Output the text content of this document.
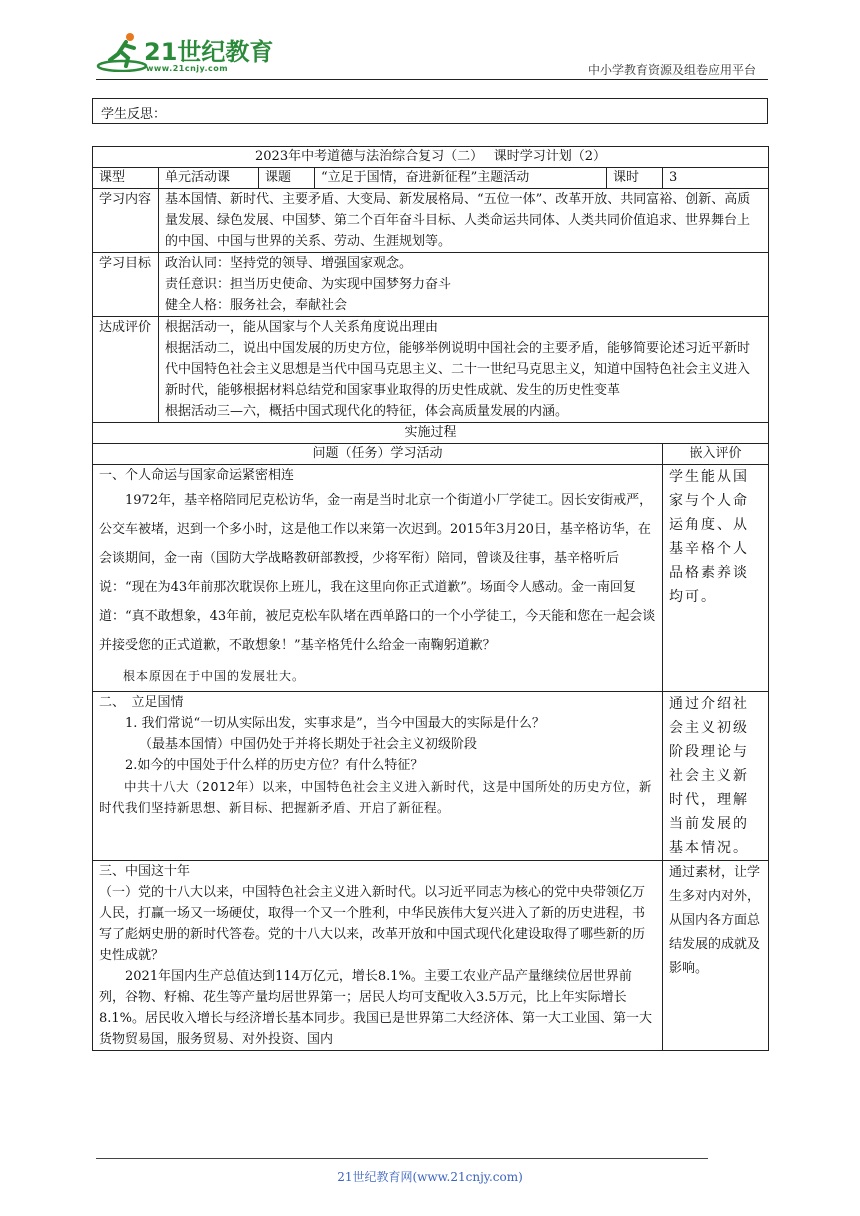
21世纪教育
www.21cnjy.com	中小学教育资源及组卷应用平台
学生反思：
2023年中考道德与法治综合复习（二）　 课时学习计划（2）					
课型	单元活动课	课题	“立足于国情，奋进新征程”主题活动	课时	3
学习内容	基本国情、新时代、主要矛盾、大变局、新发展格局、“五位一体”、改革开放、共同富裕、创新、高质量发展、绿色发展、中国梦、第二个百年奋斗目标、人类命运共同体、人类共同价值追求、世界舞台上的中国、中国与世界的关系、劳动、生涯规划等。				
学习目标	政治认同：坚持党的领导、增强国家观念。
责任意识：担当历史使命、为实现中国梦努力奋斗
健全人格：服务社会，奉献社会				

达成评价	根据活动一，能从国家与个人关系角度说出理由
根据活动二，说出中国发展的历史方位，能够举例说明中国社会的主要矛盾，能够简要论述习近平新时代中国特色社会主义思想是当代中国马克思主义、二十一世纪马克思主义，知道中国特色社会主义进入新时代，能够根据材料总结党和国家事业取得的历史性成就、发生的历史性变革
根据活动三—六，概括中国式现代化的特征，体会高质量发展的内涵。				

实施过程					
问题（任务）学习活动					嵌入评价

一、个人命运与国家命运紧密相连

1972年，基辛格陪同尼克松访华，金一南是当时北京一个街道小厂学徒工。因长安街戒严，公交车被堵，迟到一个多小时，这是他工作以来第一次迟到。2015年3月20日，基辛格访华，在会谈期间，金一南（国防大学战略教研部教授，少将军衔）陪同，曾谈及往事，基辛格听后说：“现在为43年前那次耽误你上班儿，我在这里向你正式道歉”。场面令人感动。金一南回复道：“真不敢想象，43年前，被尼克松车队堵在西单路口的一个小学徒工，今天能和您在一起会谈并接受您的正式道歉，不敢想象！”基辛格凭什么给金一南鞠躬道歉？

根本原因在于中国的发展壮大。					学生能从国家与个人命运角度、从基辛格个人品格素养谈均可。

二、　立足国情
1. 我们常说“一切从实际出发，实事求是”，当今中国最大的实际是什么？
（最基本国情）中国仍处于并将长期处于社会主义初级阶段
2.如今的中国处于什么样的历史方位？有什么特征？
中共十八大（2012年）以来，中国特色社会主义进入新时代，这是中国所处的历史方位，新时代我们坚持新思想、新目标、把握新矛盾、开启了新征程。					通过介绍社会主义初级阶段理论与社会主义新时代，理解当前发展的基本情况。

三、中国这十年

（一）党的十八大以来，中国特色社会主义进入新时代。以习近平同志为核心的党中央带领亿万人民，打赢一场又一场硬仗，取得一个又一个胜利，中华民族伟大复兴进入了新的历史进程，书写了彪炳史册的新时代答卷。党的十八大以来，改革开放和中国式现代化建设取得了哪些新的历史性成就？

2021年国内生产总值达到114万亿元，增长8.1%。主要工农业产品产量继续位居世界前列，谷物、籽棉、花生等产量均居世界第一；居民人均可支配收入3.5万元，比上年实际增长8.1%。居民收入增长与经济增长基本同步。我国已是世界第二大经济体、第一大工业国、第一大货物贸易国，服务贸易、对外投资、国内					通过素材，让学生多对内对外，从国内各方面总结发展的成就及影响。
21世纪教育网(www.21cnjy.com)
